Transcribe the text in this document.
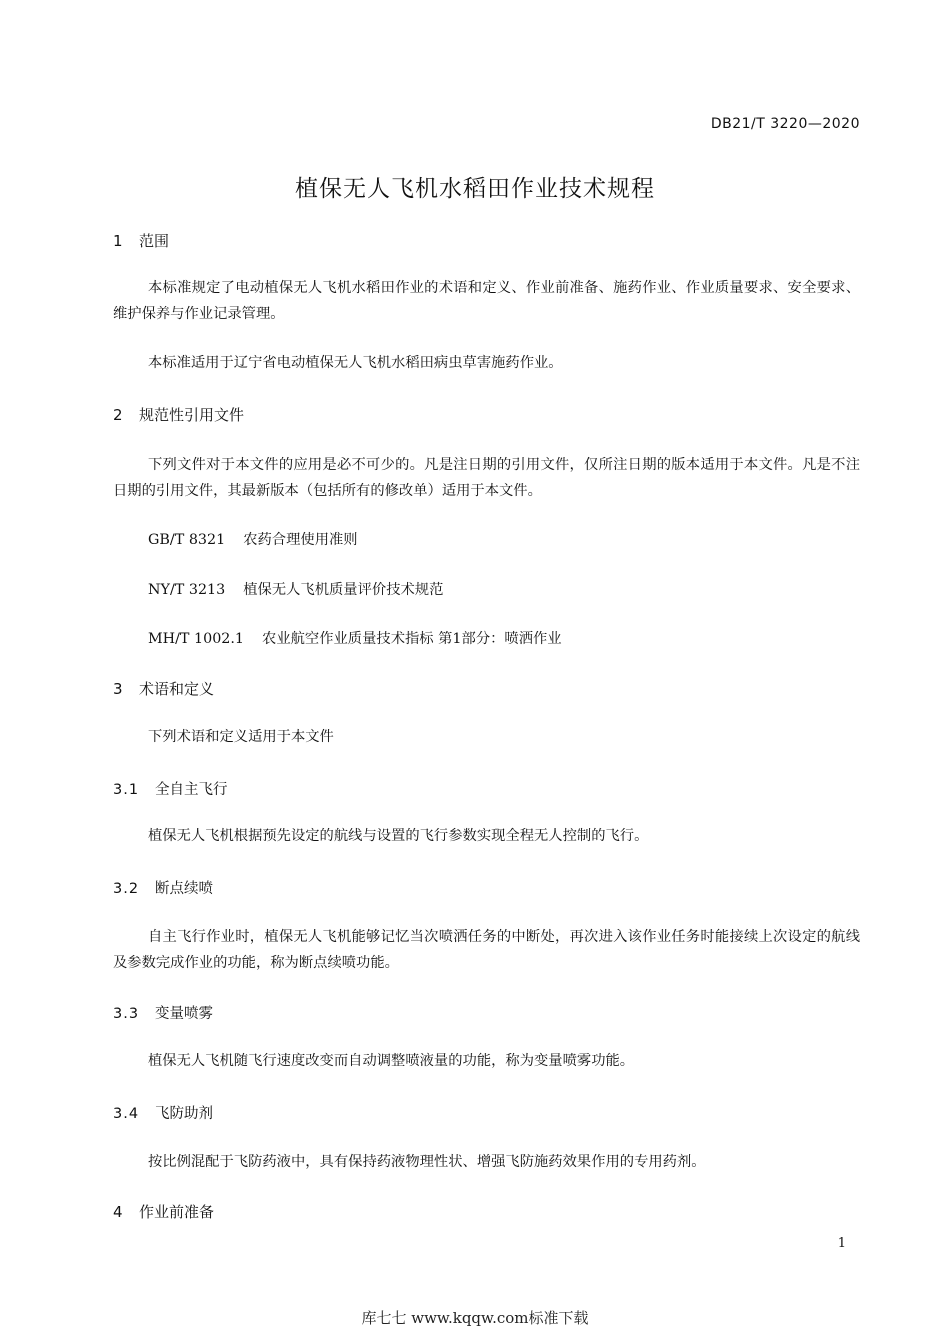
DB21/T 3220—2020
植保无人飞机水稻田作业技术规程
1 范围
本标准规定了电动植保无人飞机水稻田作业的术语和定义、作业前准备、施药作业、作业质量要求、安全要求、维护保养与作业记录管理。
本标准适用于辽宁省电动植保无人飞机水稻田病虫草害施药作业。
2 规范性引用文件
下列文件对于本文件的应用是必不可少的。凡是注日期的引用文件，仅所注日期的版本适用于本文件。凡是不注日期的引用文件，其最新版本（包括所有的修改单）适用于本文件。
GB/T 8321 农药合理使用准则
NY/T 3213 植保无人飞机质量评价技术规范
MH/T 1002.1 农业航空作业质量技术指标 第1部分：喷洒作业
3 术语和定义
下列术语和定义适用于本文件
3.1 全自主飞行
植保无人飞机根据预先设定的航线与设置的飞行参数实现全程无人控制的飞行。
3.2 断点续喷
自主飞行作业时，植保无人飞机能够记忆当次喷洒任务的中断处，再次进入该作业任务时能接续上次设定的航线及参数完成作业的功能，称为断点续喷功能。
3.3 变量喷雾
植保无人飞机随飞行速度改变而自动调整喷液量的功能，称为变量喷雾功能。
3.4 飞防助剂
按比例混配于飞防药液中，具有保持药液物理性状、增强飞防施药效果作用的专用药剂。
4 作业前准备
1
库七七 www.kqqw.com标准下载
